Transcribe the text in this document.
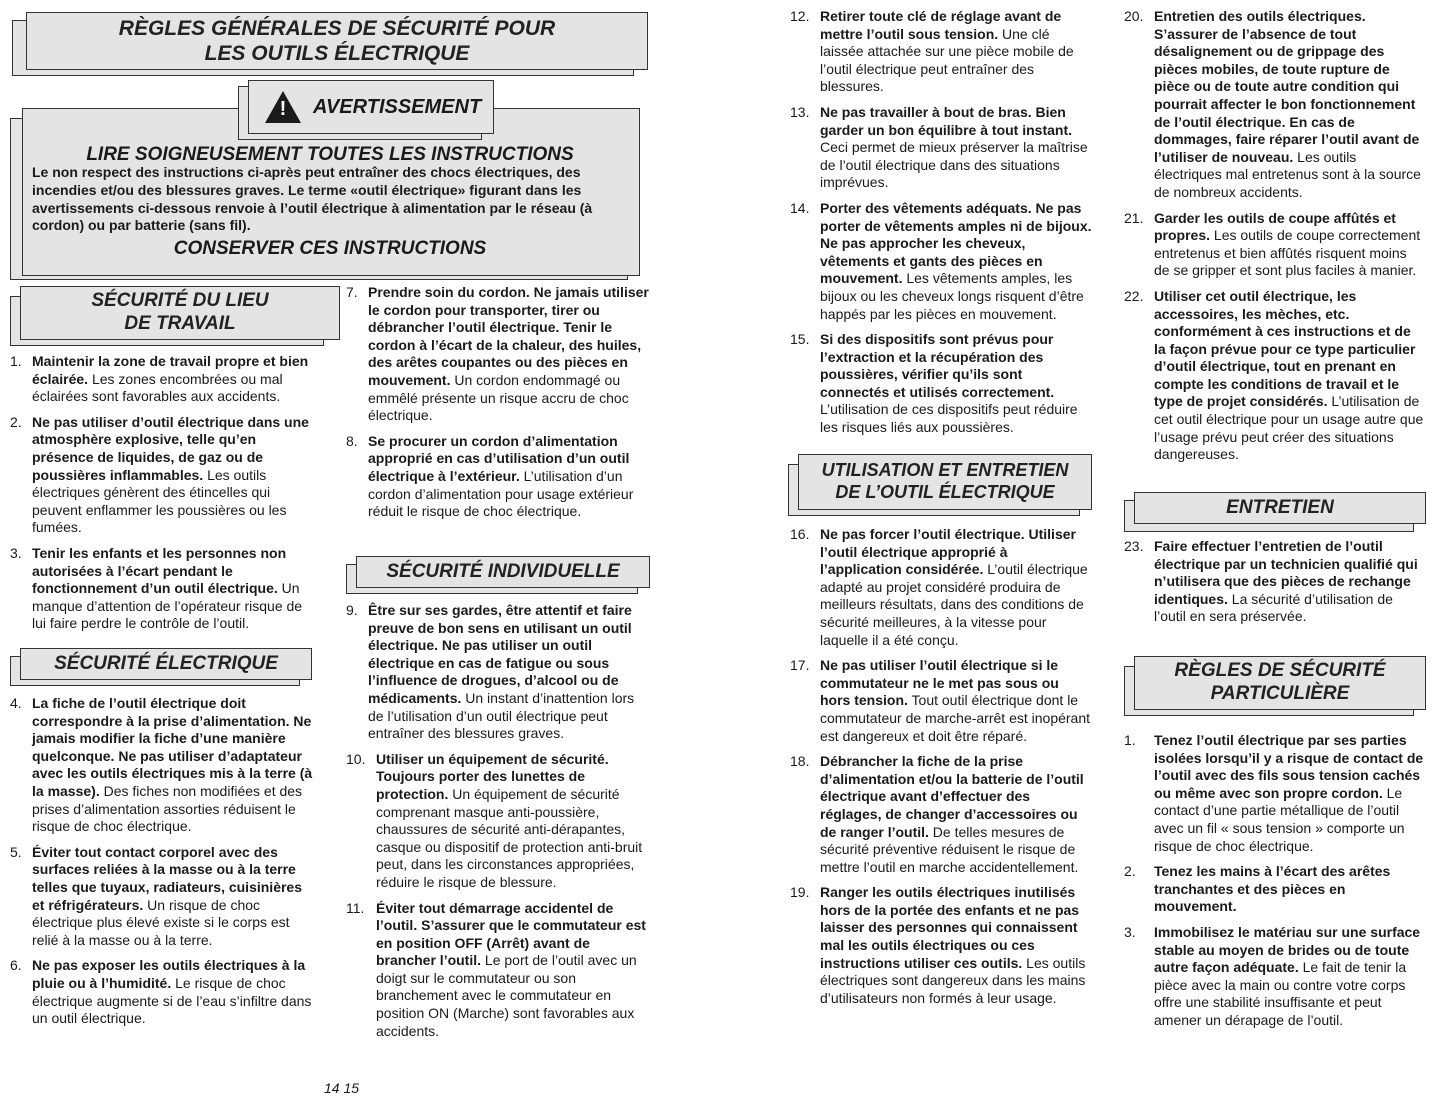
RÈGLES GÉNÉRALES DE SÉCURITÉ POUR
LES OUTILS ÉLECTRIQUE
! AVERTISSEMENT
LIRE SOIGNEUSEMENT TOUTES LES INSTRUCTIONS
Le non respect des instructions ci-après peut entraîner des chocs électriques, des incendies et/ou des blessures graves. Le terme «outil électrique» figurant dans les avertissements ci-dessous renvoie à l’outil électrique à alimentation par le réseau (à cordon) ou par batterie (sans fil).
CONSERVER CES INSTRUCTIONS
SÉCURITÉ DU LIEU
DE TRAVAIL
1. Maintenir la zone de travail propre et bien éclairée. Les zones encombrées ou mal éclairées sont favorables aux accidents.
2. Ne pas utiliser d’outil électrique dans une atmosphère explosive, telle qu’en présence de liquides, de gaz ou de poussières inflammables. Les outils électriques génèrent des étincelles qui peuvent enflammer les poussières ou les fumées.
3. Tenir les enfants et les personnes non autorisées à l’écart pendant le fonctionnement d’un outil électrique. Un manque d’attention de l’opérateur risque de lui faire perdre le contrôle de l’outil.
SÉCURITÉ ÉLECTRIQUE
4. La fiche de l’outil électrique doit correspondre à la prise d’alimentation. Ne jamais modifier la fiche d’une manière quelconque. Ne pas utiliser d’adaptateur avec les outils électriques mis à la terre (à la masse). Des fiches non modifiées et des prises d’alimentation assorties réduisent le risque de choc électrique.
5. Éviter tout contact corporel avec des surfaces reliées à la masse ou à la terre telles que tuyaux, radiateurs, cuisinières et réfrigérateurs. Un risque de choc électrique plus élevé existe si le corps est relié à la masse ou à la terre.
6. Ne pas exposer les outils électriques à la pluie ou à l’humidité. Le risque de choc électrique augmente si de l’eau s’infiltre dans un outil électrique.
7. Prendre soin du cordon. Ne jamais utiliser le cordon pour transporter, tirer ou débrancher l’outil électrique. Tenir le cordon à l’écart de la chaleur, des huiles, des arêtes coupantes ou des pièces en mouvement. Un cordon endommagé ou emmêlé présente un risque accru de choc électrique.
8. Se procurer un cordon d’alimentation approprié en cas d’utilisation d’un outil électrique à l’extérieur. L’utilisation d’un cordon d’alimentation pour usage extérieur réduit le risque de choc électrique.
SÉCURITÉ INDIVIDUELLE
9. Être sur ses gardes, être attentif et faire preuve de bon sens en utilisant un outil électrique. Ne pas utiliser un outil électrique en cas de fatigue ou sous l’influence de drogues, d’alcool ou de médicaments. Un instant d’inattention lors de l’utilisation d’un outil électrique peut entraîner des blessures graves.
10. Utiliser un équipement de sécurité. Toujours porter des lunettes de protection. Un équipement de sécurité comprenant masque anti-poussière, chaussures de sécurité anti-dérapantes, casque ou dispositif de protection anti-bruit peut, dans les circonstances appropriées, réduire le risque de blessure.
11. Éviter tout démarrage accidentel de l’outil. S’assurer que le commutateur est en position OFF (Arrêt) avant de brancher l’outil. Le port de l’outil avec un doigt sur le commutateur ou son branchement avec le commutateur en position ON (Marche) sont favorables aux accidents.
14 15
12. Retirer toute clé de réglage avant de mettre l’outil sous tension. Une clé laissée attachée sur une pièce mobile de l’outil électrique peut entraîner des blessures.
13. Ne pas travailler à bout de bras. Bien garder un bon équilibre à tout instant. Ceci permet de mieux préserver la maîtrise de l’outil électrique dans des situations imprévues.
14. Porter des vêtements adéquats. Ne pas porter de vêtements amples ni de bijoux. Ne pas approcher les cheveux, vêtements et gants des pièces en mouvement. Les vêtements amples, les bijoux ou les cheveux longs risquent d’être happés par les pièces en mouvement.
15. Si des dispositifs sont prévus pour l’extraction et la récupération des poussières, vérifier qu’ils sont connectés et utilisés correctement. L’utilisation de ces dispositifs peut réduire les risques liés aux poussières.
UTILISATION ET ENTRETIEN
DE L’OUTIL ÉLECTRIQUE
16. Ne pas forcer l’outil électrique. Utiliser l’outil électrique approprié à l’application considérée. L’outil électrique adapté au projet considéré produira de meilleurs résultats, dans des conditions de sécurité meilleures, à la vitesse pour laquelle il a été conçu.
17. Ne pas utiliser l’outil électrique si le commutateur ne le met pas sous ou hors tension. Tout outil électrique dont le commutateur de marche-arrêt est inopérant est dangereux et doit être réparé.
18. Débrancher la fiche de la prise d’alimentation et/ou la batterie de l’outil électrique avant d’effectuer des réglages, de changer d’accessoires ou de ranger l’outil. De telles mesures de sécurité préventive réduisent le risque de mettre l’outil en marche accidentellement.
19. Ranger les outils électriques inutilisés hors de la portée des enfants et ne pas laisser des personnes qui connaissent mal les outils électriques ou ces instructions utiliser ces outils. Les outils électriques sont dangereux dans les mains d’utilisateurs non formés à leur usage.
20. Entretien des outils électriques. S’assurer de l’absence de tout désalignement ou de grippage des pièces mobiles, de toute rupture de pièce ou de toute autre condition qui pourrait affecter le bon fonctionnement de l’outil électrique. En cas de dommages, faire réparer l’outil avant de l’utiliser de nouveau. Les outils électriques mal entretenus sont à la source de nombreux accidents.
21. Garder les outils de coupe affûtés et propres. Les outils de coupe correctement entretenus et bien affûtés risquent moins de se gripper et sont plus faciles à manier.
22. Utiliser cet outil électrique, les accessoires, les mèches, etc. conformément à ces instructions et de la façon prévue pour ce type particulier d’outil électrique, tout en prenant en compte les conditions de travail et le type de projet considérés. L’utilisation de cet outil électrique pour un usage autre que l’usage prévu peut créer des situations dangereuses.
ENTRETIEN
23. Faire effectuer l’entretien de l’outil électrique par un technicien qualifié qui n’utilisera que des pièces de rechange identiques. La sécurité d’utilisation de l’outil en sera préservée.
RÈGLES DE SÉCURITÉ
PARTICULIÈRE
1. Tenez l’outil électrique par ses parties isolées lorsqu’il y a risque de contact de l’outil avec des fils sous tension cachés ou même avec son propre cordon. Le contact d’une partie métallique de l’outil avec un fil « sous tension » comporte un risque de choc électrique.
2. Tenez les mains à l’écart des arêtes tranchantes et des pièces en mouvement.
3. Immobilisez le matériau sur une surface stable au moyen de brides ou de toute autre façon adéquate. Le fait de tenir la pièce avec la main ou contre votre corps offre une stabilité insuffisante et peut amener un dérapage de l’outil.
